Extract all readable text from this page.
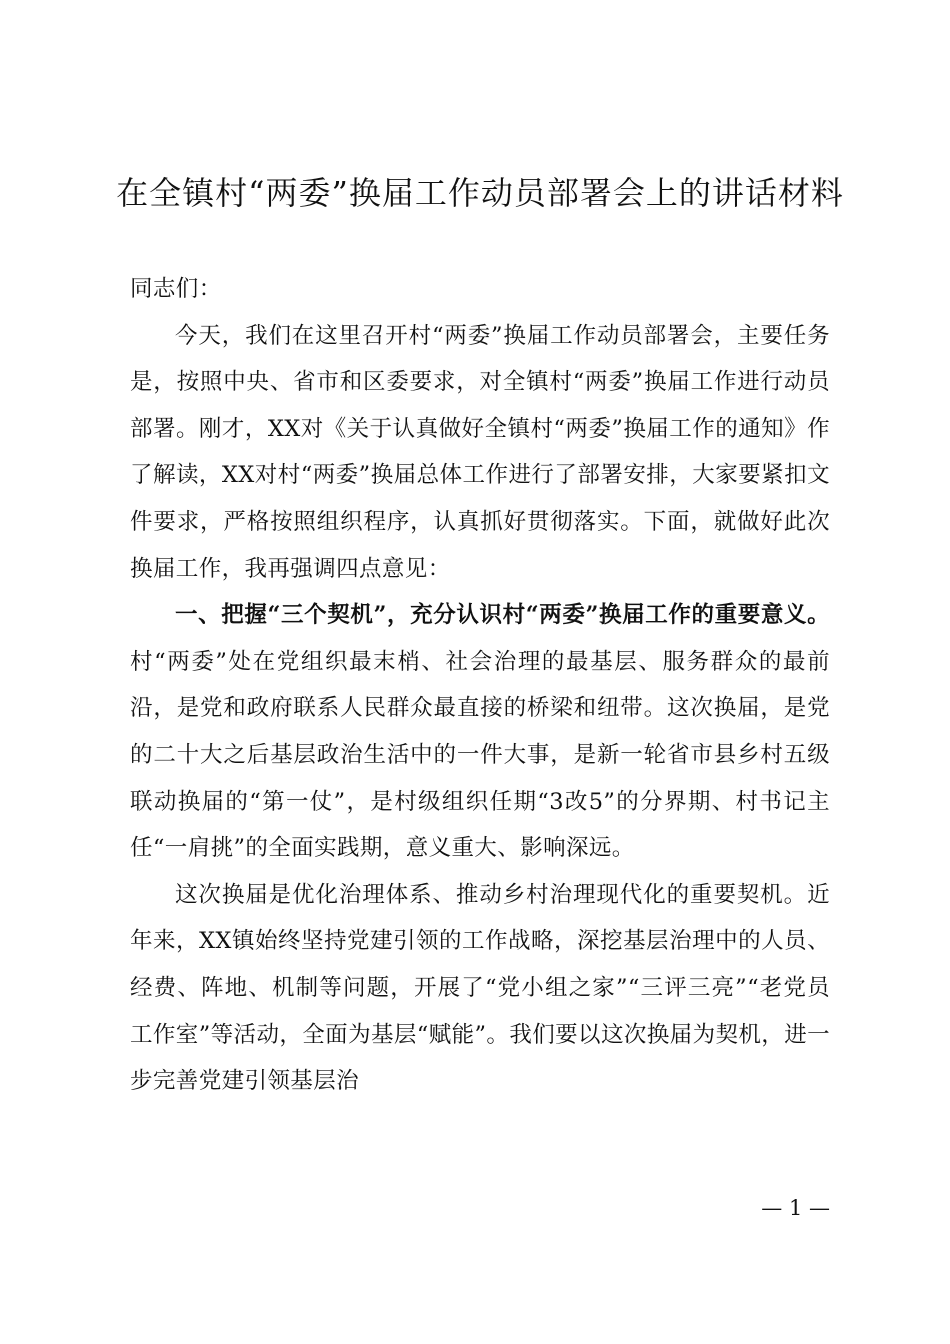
在全镇村“两委”换届工作动员部署会上的讲话材料

同志们：

今天，我们在这里召开村“两委”换届工作动员部署会，主要任务是，按照中央、省市和区委要求，对全镇村“两委”换届工作进行动员部署。刚才，XX对《关于认真做好全镇村“两委”换届工作的通知》作了解读，XX对村“两委”换届总体工作进行了部署安排，大家要紧扣文件要求，严格按照组织程序，认真抓好贯彻落实。下面，就做好此次换届工作，我再强调四点意见：

一、把握“三个契机”，充分认识村“两委”换届工作的重要意义。村“两委”处在党组织最末梢、社会治理的最基层、服务群众的最前沿，是党和政府联系人民群众最直接的桥梁和纽带。这次换届，是党的二十大之后基层政治生活中的一件大事，是新一轮省市县乡村五级联动换届的“第一仗”，是村级组织任期“3改5”的分界期、村书记主任“一肩挑”的全面实践期，意义重大、影响深远。

这次换届是优化治理体系、推动乡村治理现代化的重要契机。近年来，XX镇始终坚持党建引领的工作战略，深挖基层治理中的人员、经费、阵地、机制等问题，开展了“党小组之家”“三评三亮”“老党员工作室”等活动，全面为基层“赋能”。我们要以这次换届为契机，进一步完善党建引领基层治

— 1 —
